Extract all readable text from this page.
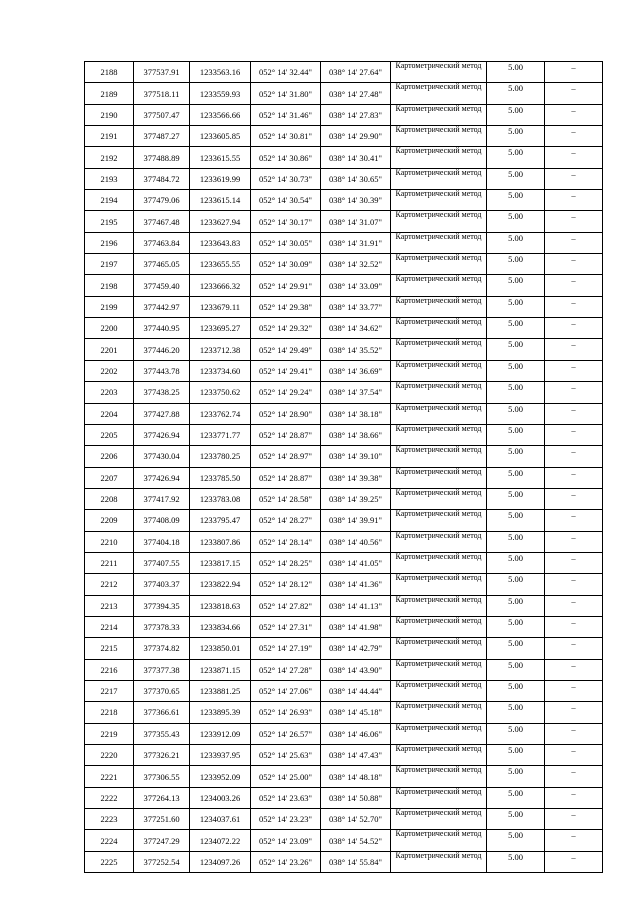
2188	377537.91	1233563.16	052° 14' 32.44"	038° 14' 27.64"	Картометрический метод	5.00	–
2189	377518.11	1233559.93	052° 14' 31.80"	038° 14' 27.48"	Картометрический метод	5.00	–
2190	377507.47	1233566.66	052° 14' 31.46"	038° 14' 27.83"	Картометрический метод	5.00	–
2191	377487.27	1233605.85	052° 14' 30.81"	038° 14' 29.90"	Картометрический метод	5.00	–
2192	377488.89	1233615.55	052° 14' 30.86"	038° 14' 30.41"	Картометрический метод	5.00	–
2193	377484.72	1233619.99	052° 14' 30.73"	038° 14' 30.65"	Картометрический метод	5.00	–
2194	377479.06	1233615.14	052° 14' 30.54"	038° 14' 30.39"	Картометрический метод	5.00	–
2195	377467.48	1233627.94	052° 14' 30.17"	038° 14' 31.07"	Картометрический метод	5.00	–
2196	377463.84	1233643.83	052° 14' 30.05"	038° 14' 31.91"	Картометрический метод	5.00	–
2197	377465.05	1233655.55	052° 14' 30.09"	038° 14' 32.52"	Картометрический метод	5.00	–
2198	377459.40	1233666.32	052° 14' 29.91"	038° 14' 33.09"	Картометрический метод	5.00	–
2199	377442.97	1233679.11	052° 14' 29.38"	038° 14' 33.77"	Картометрический метод	5.00	–
2200	377440.95	1233695.27	052° 14' 29.32"	038° 14' 34.62"	Картометрический метод	5.00	–
2201	377446.20	1233712.38	052° 14' 29.49"	038° 14' 35.52"	Картометрический метод	5.00	–
2202	377443.78	1233734.60	052° 14' 29.41"	038° 14' 36.69"	Картометрический метод	5.00	–
2203	377438.25	1233750.62	052° 14' 29.24"	038° 14' 37.54"	Картометрический метод	5.00	–
2204	377427.88	1233762.74	052° 14' 28.90"	038° 14' 38.18"	Картометрический метод	5.00	–
2205	377426.94	1233771.77	052° 14' 28.87"	038° 14' 38.66"	Картометрический метод	5.00	–
2206	377430.04	1233780.25	052° 14' 28.97"	038° 14' 39.10"	Картометрический метод	5.00	–
2207	377426.94	1233785.50	052° 14' 28.87"	038° 14' 39.38"	Картометрический метод	5.00	–
2208	377417.92	1233783.08	052° 14' 28.58"	038° 14' 39.25"	Картометрический метод	5.00	–
2209	377408.09	1233795.47	052° 14' 28.27"	038° 14' 39.91"	Картометрический метод	5.00	–
2210	377404.18	1233807.86	052° 14' 28.14"	038° 14' 40.56"	Картометрический метод	5.00	–
2211	377407.55	1233817.15	052° 14' 28.25"	038° 14' 41.05"	Картометрический метод	5.00	–
2212	377403.37	1233822.94	052° 14' 28.12"	038° 14' 41.36"	Картометрический метод	5.00	–
2213	377394.35	1233818.63	052° 14' 27.82"	038° 14' 41.13"	Картометрический метод	5.00	–
2214	377378.33	1233834.66	052° 14' 27.31"	038° 14' 41.98"	Картометрический метод	5.00	–
2215	377374.82	1233850.01	052° 14' 27.19"	038° 14' 42.79"	Картометрический метод	5.00	–
2216	377377.38	1233871.15	052° 14' 27.28"	038° 14' 43.90"	Картометрический метод	5.00	–
2217	377370.65	1233881.25	052° 14' 27.06"	038° 14' 44.44"	Картометрический метод	5.00	–
2218	377366.61	1233895.39	052° 14' 26.93"	038° 14' 45.18"	Картометрический метод	5.00	–
2219	377355.43	1233912.09	052° 14' 26.57"	038° 14' 46.06"	Картометрический метод	5.00	–
2220	377326.21	1233937.95	052° 14' 25.63"	038° 14' 47.43"	Картометрический метод	5.00	–
2221	377306.55	1233952.09	052° 14' 25.00"	038° 14' 48.18"	Картометрический метод	5.00	–
2222	377264.13	1234003.26	052° 14' 23.63"	038° 14' 50.88"	Картометрический метод	5.00	–
2223	377251.60	1234037.61	052° 14' 23.23"	038° 14' 52.70"	Картометрический метод	5.00	–
2224	377247.29	1234072.22	052° 14' 23.09"	038° 14' 54.52"	Картометрический метод	5.00	–
2225	377252.54	1234097.26	052° 14' 23.26"	038° 14' 55.84"	Картометрический метод	5.00	–
